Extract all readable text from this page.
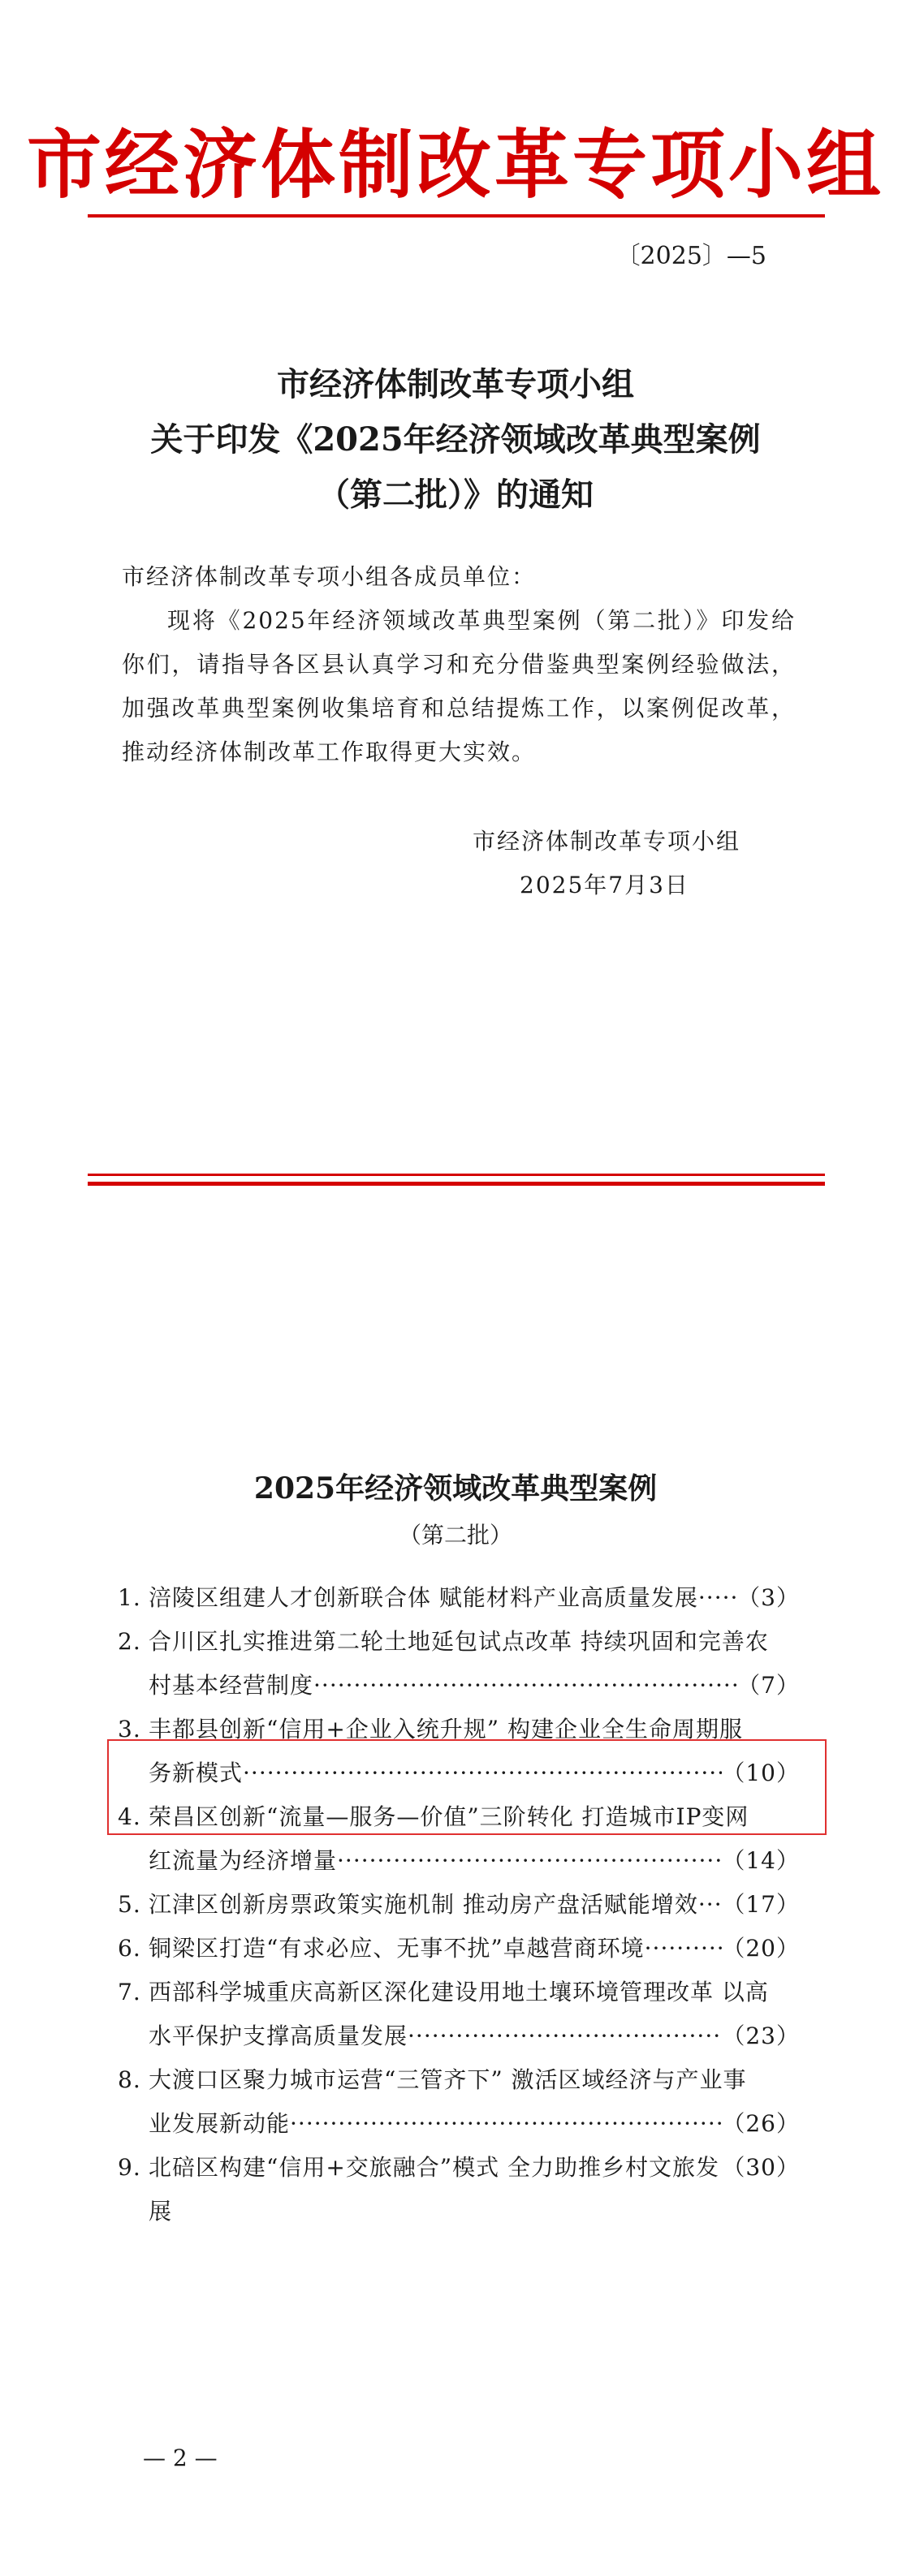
市经济体制改革专项小组
〔2025〕—5
市经济体制改革专项小组
关于印发《2025年经济领域改革典型案例
（第二批）》的通知
市经济体制改革专项小组各成员单位：
现将《2025年经济领域改革典型案例（第二批）》印发给你们，请指导各区县认真学习和充分借鉴典型案例经验做法，加强改革典型案例收集培育和总结提炼工作，以案例促改革，推动经济体制改革工作取得更大实效。
市经济体制改革专项小组
2025年7月3日
2025年经济领域改革典型案例
（第二批）
1. 涪陵区组建人才创新联合体 赋能材料产业高质量发展 ····· （3）
2. 合川区扎实推进第二轮土地延包试点改革 持续巩固和完善农
村基本经营制度 ·····	（7）
3. 丰都县创新“信用+企业入统升规” 构建企业全生命周期服
务新模式 ·····	（10）
4. 荣昌区创新“流量—服务—价值”三阶转化 打造城市IP变网
红流量为经济增量 ·····	（14）
5. 江津区创新房票政策实施机制 推动房产盘活赋能增效 ····· （17）
6. 铜梁区打造“有求必应、无事不扰”卓越营商环境 ·····	（20）
7. 西部科学城重庆高新区深化建设用地土壤环境管理改革 以高
水平保护支撑高质量发展 ·····	（23）
8. 大渡口区聚力城市运营“三管齐下” 激活区域经济与产业事
业发展新动能 ·····	（26）
9. 北碚区构建“信用+交旅融合”模式 全力助推乡村文旅发展
（30）
— 2 —
